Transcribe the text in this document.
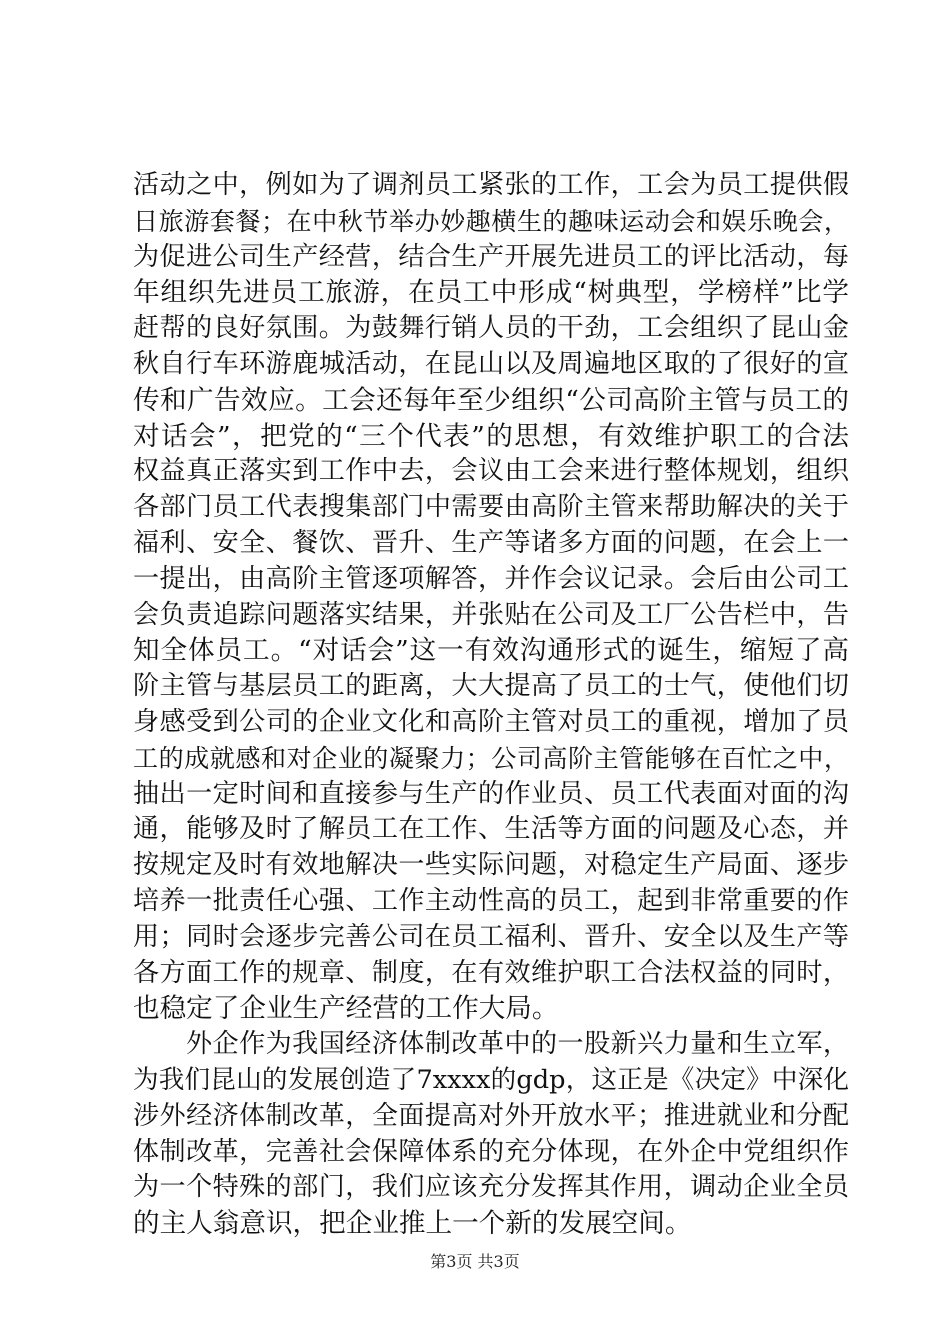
活动之中，例如为了调剂员工紧张的工作，工会为员工提供假
日旅游套餐；在中秋节举办妙趣横生的趣味运动会和娱乐晚会，
为促进公司生产经营，结合生产开展先进员工的评比活动，每
年组织先进员工旅游，在员工中形成“树典型，学榜样”比学
赶帮的良好氛围。为鼓舞行销人员的干劲，工会组织了昆山金
秋自行车环游鹿城活动，在昆山以及周遍地区取的了很好的宣
传和广告效应。工会还每年至少组织“公司高阶主管与员工的
对话会”，把党的“三个代表”的思想，有效维护职工的合法
权益真正落实到工作中去，会议由工会来进行整体规划，组织
各部门员工代表搜集部门中需要由高阶主管来帮助解决的关于
福利、安全、餐饮、晋升、生产等诸多方面的问题，在会上一
一提出，由高阶主管逐项解答，并作会议记录。会后由公司工
会负责追踪问题落实结果，并张贴在公司及工厂公告栏中，告
知全体员工。“对话会”这一有效沟通形式的诞生，缩短了高
阶主管与基层员工的距离，大大提高了员工的士气，使他们切
身感受到公司的企业文化和高阶主管对员工的重视，增加了员
工的成就感和对企业的凝聚力；公司高阶主管能够在百忙之中，
抽出一定时间和直接参与生产的作业员、员工代表面对面的沟
通，能够及时了解员工在工作、生活等方面的问题及心态，并
按规定及时有效地解决一些实际问题，对稳定生产局面、逐步
培养一批责任心强、工作主动性高的员工，起到非常重要的作
用；同时会逐步完善公司在员工福利、晋升、安全以及生产等
各方面工作的规章、制度，在有效维护职工合法权益的同时，
也稳定了企业生产经营的工作大局。
外企作为我国经济体制改革中的一股新兴力量和生立军，
为我们昆山的发展创造了7xxxx的gdp，这正是《决定》中深化
涉外经济体制改革，全面提高对外开放水平；推进就业和分配
体制改革，完善社会保障体系的充分体现，在外企中党组织作
为一个特殊的部门，我们应该充分发挥其作用，调动企业全员
的主人翁意识，把企业推上一个新的发展空间。
第3页 共3页
